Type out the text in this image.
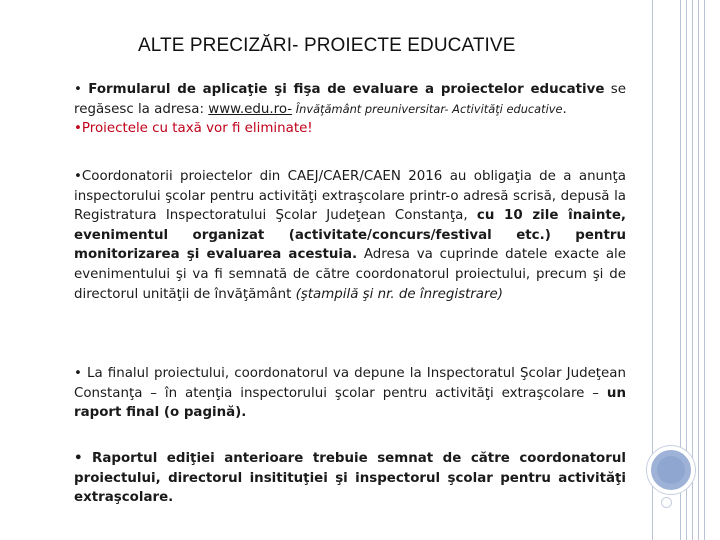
ALTE PRECIZĂRI- PROIECTE EDUCATIVE
• Formularul de aplicaţie şi fişa de evaluare a proiectelor educative se regăsesc la adresa: www.edu.ro- Învăţământ preuniversitar- Activităţi educative.
•Proiectele cu taxă vor fi eliminate!
•Coordonatorii proiectelor din CAEJ/CAER/CAEN 2016 au obligaţia de a anunţa inspectorului şcolar pentru activităţi extraşcolare printr-o adresă scrisă, depusă la Registratura Inspectoratului Şcolar Judeţean Constanţa, cu 10 zile înainte, evenimentul organizat (activitate/concurs/festival etc.) pentru monitorizarea şi evaluarea acestuia. Adresa va cuprinde datele exacte ale evenimentului şi va fi semnată de către coordonatorul proiectului, precum şi de directorul unităţii de învăţământ (ştampilă şi nr. de înregistrare)
• La finalul proiectului, coordonatorul va depune la Inspectoratul Şcolar Judeţean Constanţa – în atenţia inspectorului şcolar pentru activităţi extraşcolare – un raport final (o pagină).
• Raportul ediţiei anterioare trebuie semnat de către coordonatorul proiectului, directorul insitituţiei şi inspectorul şcolar pentru activităţi extraşcolare.
